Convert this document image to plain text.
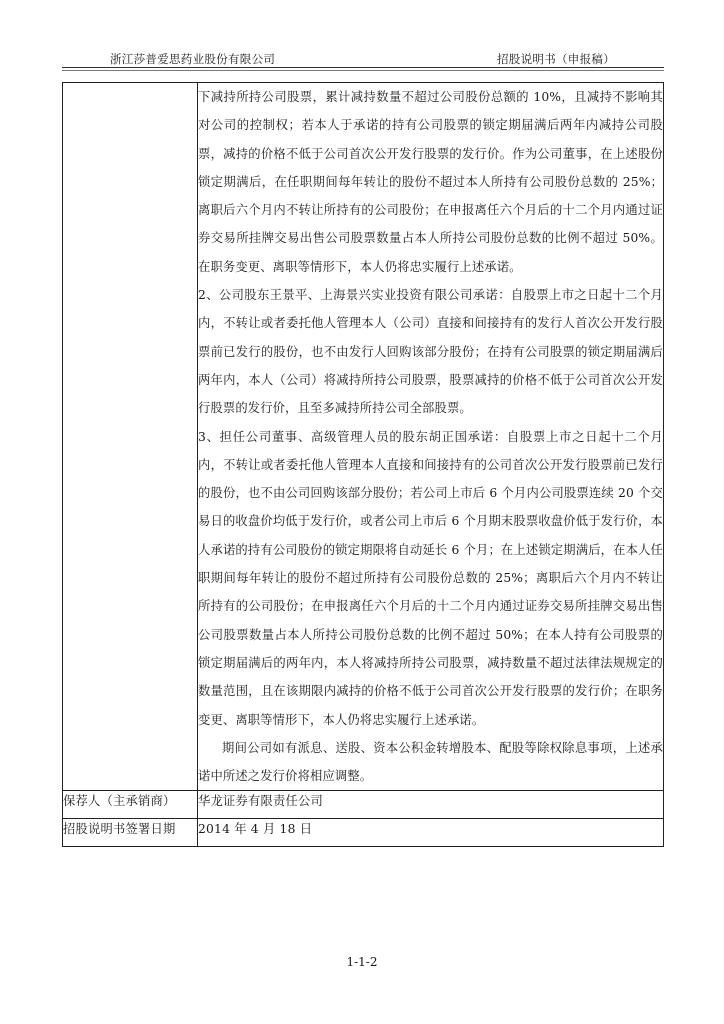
浙江莎普爱思药业股份有限公司	招股说明书（申报稿）

	下减持所持公司股票，累计减持数量不超过公司股份总额的 10%，且减持不影响其对公司的控制权；若本人于承诺的持有公司股票的锁定期届满后两年内减持公司股票，减持的价格不低于公司首次公开发行股票的发行价。作为公司董事，在上述股份锁定期满后，在任职期间每年转让的股份不超过本人所持有公司股份总数的 25%；离职后六个月内不转让所持有的公司股份；在申报离任六个月后的十二个月内通过证券交易所挂牌交易出售公司股票数量占本人所持公司股份总数的比例不超过 50%。在职务变更、离职等情形下，本人仍将忠实履行上述承诺。

2、公司股东王景平、上海景兴实业投资有限公司承诺：自股票上市之日起十二个月内，不转让或者委托他人管理本人（公司）直接和间接持有的发行人首次公开发行股票前已发行的股份，也不由发行人回购该部分股份；在持有公司股票的锁定期届满后两年内，本人（公司）将减持所持公司股票，股票减持的价格不低于公司首次公开发行股票的发行价，且至多减持所持公司全部股票。

3、担任公司董事、高级管理人员的股东胡正国承诺：自股票上市之日起十二个月内，不转让或者委托他人管理本人直接和间接持有的公司首次公开发行股票前已发行的股份，也不由公司回购该部分股份；若公司上市后 6 个月内公司股票连续 20 个交易日的收盘价均低于发行价，或者公司上市后 6 个月期末股票收盘价低于发行价，本人承诺的持有公司股份的锁定期限将自动延长 6 个月；在上述锁定期满后，在本人任职期间每年转让的股份不超过所持有公司股份总数的 25%；离职后六个月内不转让所持有的公司股份；在申报离任六个月后的十二个月内通过证券交易所挂牌交易出售公司股票数量占本人所持公司股份总数的比例不超过 50%；在本人持有公司股票的锁定期届满后的两年内，本人将减持所持公司股票，减持数量不超过法律法规规定的数量范围，且在该期限内减持的价格不低于公司首次公开发行股票的发行价；在职务变更、离职等情形下，本人仍将忠实履行上述承诺。

期间公司如有派息、送股、资本公积金转增股本、配股等除权除息事项，上述承诺中所述之发行价将相应调整。

保荐人（主承销商）	华龙证券有限责任公司
招股说明书签署日期	2014 年 4 月 18 日
1-1-2
